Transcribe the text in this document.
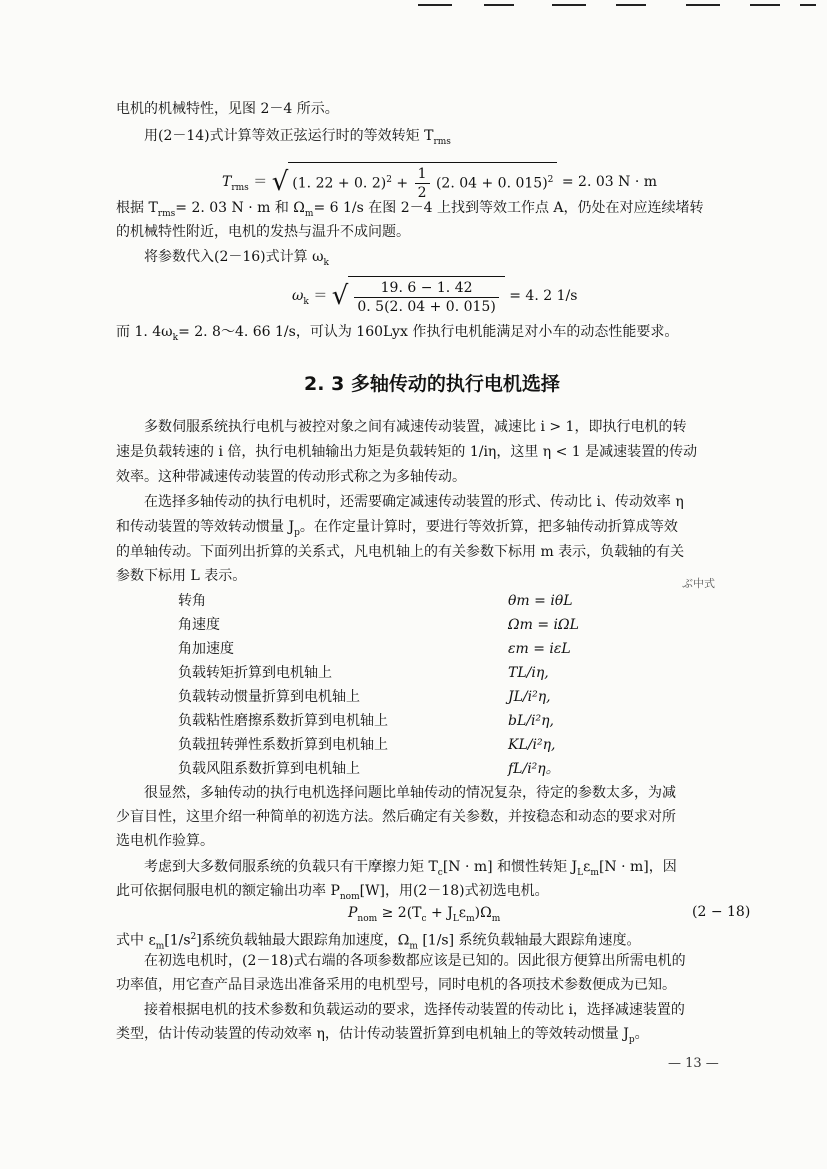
电机的机械特性，见图 2－4 所示。
用(2－14)式计算等效正弦运行时的等效转矩 $T_{rms}$
$T_{rms}$ ＝ √ (1. 22 + 0. $2)^2 + \frac{1}{2} (2$. 04 + 0. 015)$^2$ = 2. 03 N · m
根据 $T_{rms}= 2$. 03 N · m 和 $\Omega_m= 6$ 1/s 在图 2－4 上找到等效工作点 A，仍处在对应连续堵转
的机械特性附近，电机的发热与温升不成问题。
将参数代入(2－16)式计算 $\omega_k$
$\omega_k$ ＝ √ $\frac{19. 6 - 1. 42}{0. 5(2. 04 + 0. 015)} = 4$. 2 1/s
而 1. $4\omega_k= 2$. 8～4. 66 1/s，可认为 160Lyx 作执行电机能满足对小车的动态性能要求。
2. 3 多轴传动的执行电机选择
多数伺服系统执行电机与被控对象之间有减速传动装置，减速比 i > 1，即执行电机的转
速是负载转速的 i 倍，执行电机轴输出力矩是负载转矩的 1/iη，这里 η < 1 是减速装置的传动
效率。这种带减速传动装置的传动形式称之为多轴传动。
在选择多轴传动的执行电机时，还需要确定减速传动装置的形式、传动比 i、传动效率 η
和传动装置的等效转动惯量 $J_p$。在作定量计算时，要进行等效折算，把多轴传动折算成等效
的单轴传动。下面列出折算的关系式，凡电机轴上的有关参数下标用 m 表示，负载轴的有关
参数下标用 L 表示。	ぶ中式
转角	θm = iθL
角速度	Ωm = iΩL
角加速度	εm = iεL
负载转矩折算到电机轴上	TL/iη,
负载转动惯量折算到电机轴上	JL/i²η,
负载粘性磨擦系数折算到电机轴上	bL/i²η,
负载扭转弹性系数折算到电机轴上	KL/i²η,
负载风阻系数折算到电机轴上	fL/i²η。
很显然，多轴传动的执行电机选择问题比单轴传动的情况复杂，待定的参数太多，为减
少盲目性，这里介绍一种简单的初选方法。然后确定有关参数，并按稳态和动态的要求对所
选电机作验算。
考虑到大多数伺服系统的负载只有干摩擦力矩 $T_c[N \cdot m]$ 和惯性转矩 $J_L\varepsilon_m[N \cdot m]$，因
此可依据伺服电机的额定输出功率 $P_{nom}[W]$，用(2－18)式初选电机。
$P_{nom} \ge 2(T_c + J_L\varepsilon_m)\Omega_m$	(2 − 18)
式中 $\varepsilon_m[1/s^2]$系统负载轴最大跟踪角加速度，$\Omega_m$ [1/s] 系统负载轴最大跟踪角速度。
在初选电机时，(2－18)式右端的各项参数都应该是已知的。因此很方便算出所需电机的
功率值，用它查产品目录选出准备采用的电机型号，同时电机的各项技术参数便成为已知。
接着根据电机的技术参数和负载运动的要求，选择传动装置的传动比 i，选择减速装置的
类型，估计传动装置的传动效率 η，估计传动装置折算到电机轴上的等效转动惯量 $J_p$。
— 13 —
